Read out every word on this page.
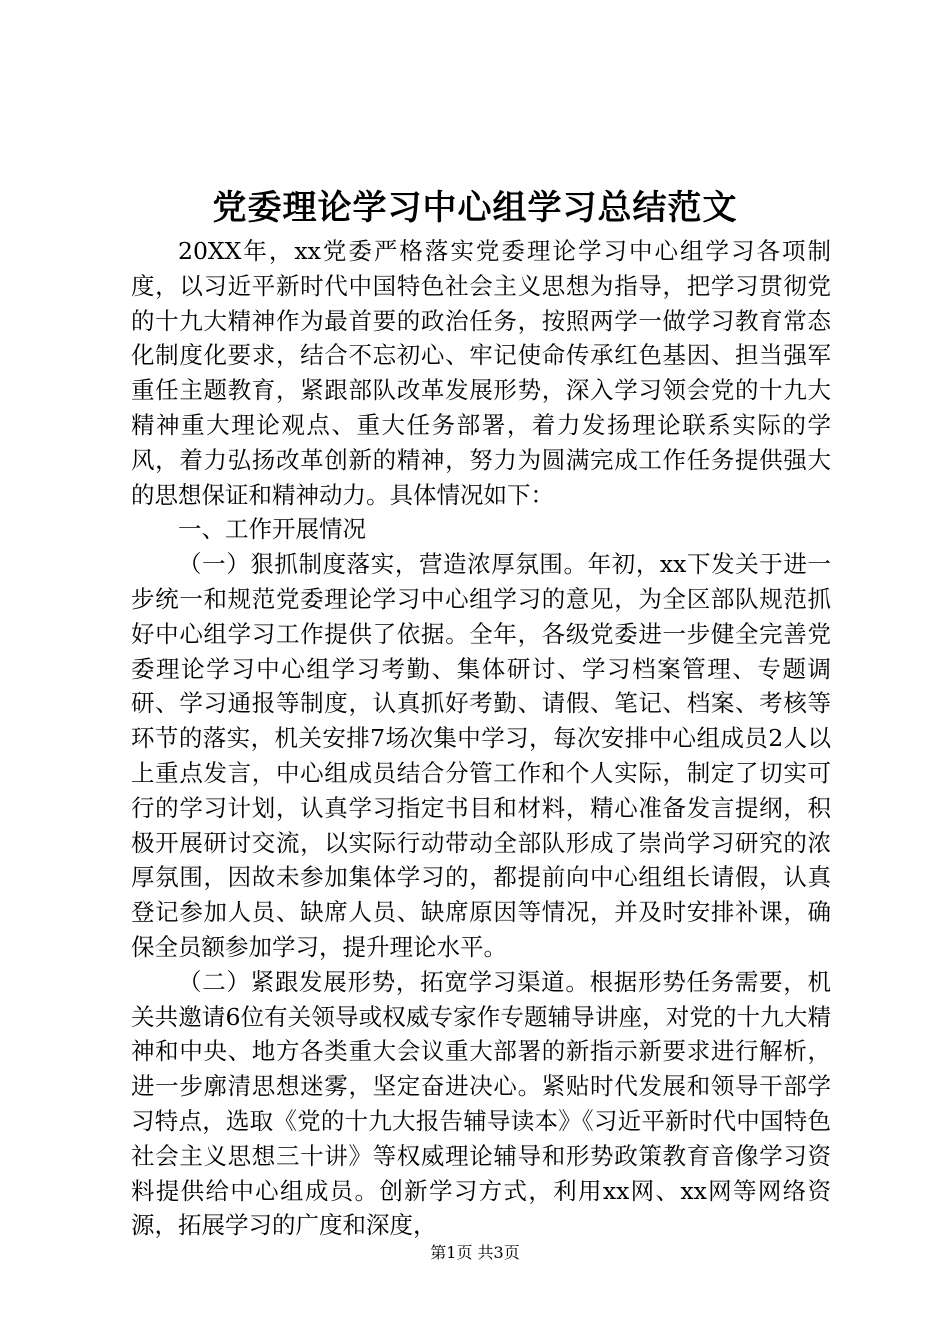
党委理论学习中心组学习总结范文

20XX年，xx党委严格落实党委理论学习中心组学习各项制度，以习近平新时代中国特色社会主义思想为指导，把学习贯彻党的十九大精神作为最首要的政治任务，按照两学一做学习教育常态化制度化要求，结合不忘初心、牢记使命传承红色基因、担当强军重任主题教育，紧跟部队改革发展形势，深入学习领会党的十九大精神重大理论观点、重大任务部署，着力发扬理论联系实际的学风，着力弘扬改革创新的精神，努力为圆满完成工作任务提供强大的思想保证和精神动力。具体情况如下：

一、工作开展情况

（一）狠抓制度落实，营造浓厚氛围。年初，xx下发关于进一步统一和规范党委理论学习中心组学习的意见，为全区部队规范抓好中心组学习工作提供了依据。全年，各级党委进一步健全完善党委理论学习中心组学习考勤、集体研讨、学习档案管理、专题调研、学习通报等制度，认真抓好考勤、请假、笔记、档案、考核等环节的落实，机关安排7场次集中学习，每次安排中心组成员2人以上重点发言，中心组成员结合分管工作和个人实际，制定了切实可行的学习计划，认真学习指定书目和材料，精心准备发言提纲，积极开展研讨交流，以实际行动带动全部队形成了崇尚学习研究的浓厚氛围，因故未参加集体学习的，都提前向中心组组长请假，认真登记参加人员、缺席人员、缺席原因等情况，并及时安排补课，确保全员额参加学习，提升理论水平。

（二）紧跟发展形势，拓宽学习渠道。根据形势任务需要，机关共邀请6位有关领导或权威专家作专题辅导讲座，对党的十九大精神和中央、地方各类重大会议重大部署的新指示新要求进行解析，进一步廓清思想迷雾，坚定奋进决心。紧贴时代发展和领导干部学习特点，选取《党的十九大报告辅导读本》《习近平新时代中国特色社会主义思想三十讲》等权威理论辅导和形势政策教育音像学习资料提供给中心组成员。创新学习方式，利用xx网、xx网等网络资源，拓展学习的广度和深度，

第1页 共3页
